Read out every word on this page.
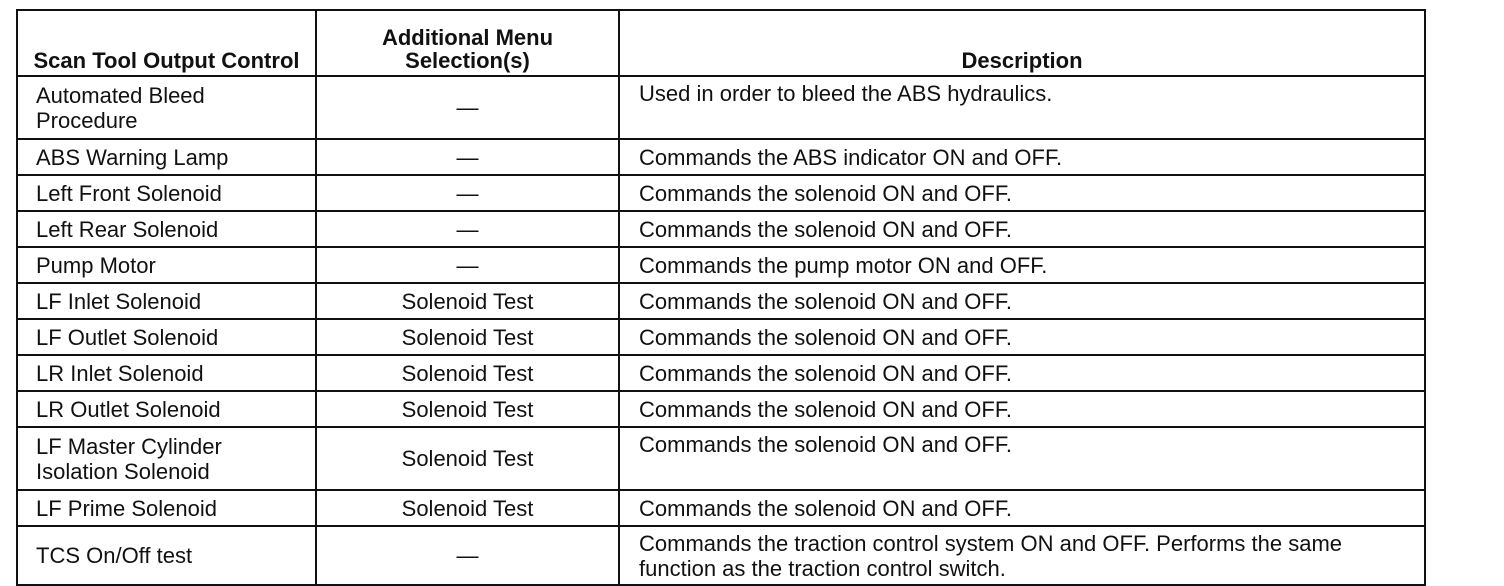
Scan Tool Output Control	Additional Menu Selection(s)	Description
Automated Bleed Procedure	—	Used in order to bleed the ABS hydraulics.
ABS Warning Lamp	—	Commands the ABS indicator ON and OFF.
Left Front Solenoid	—	Commands the solenoid ON and OFF.
Left Rear Solenoid	—	Commands the solenoid ON and OFF.
Pump Motor	—	Commands the pump motor ON and OFF.
LF Inlet Solenoid	Solenoid Test	Commands the solenoid ON and OFF.
LF Outlet Solenoid	Solenoid Test	Commands the solenoid ON and OFF.
LR Inlet Solenoid	Solenoid Test	Commands the solenoid ON and OFF.
LR Outlet Solenoid	Solenoid Test	Commands the solenoid ON and OFF.
LF Master Cylinder Isolation Solenoid	Solenoid Test	Commands the solenoid ON and OFF.
LF Prime Solenoid	Solenoid Test	Commands the solenoid ON and OFF.
TCS On/Off test	—	Commands the traction control system ON and OFF. Performs the same function as the traction control switch.
